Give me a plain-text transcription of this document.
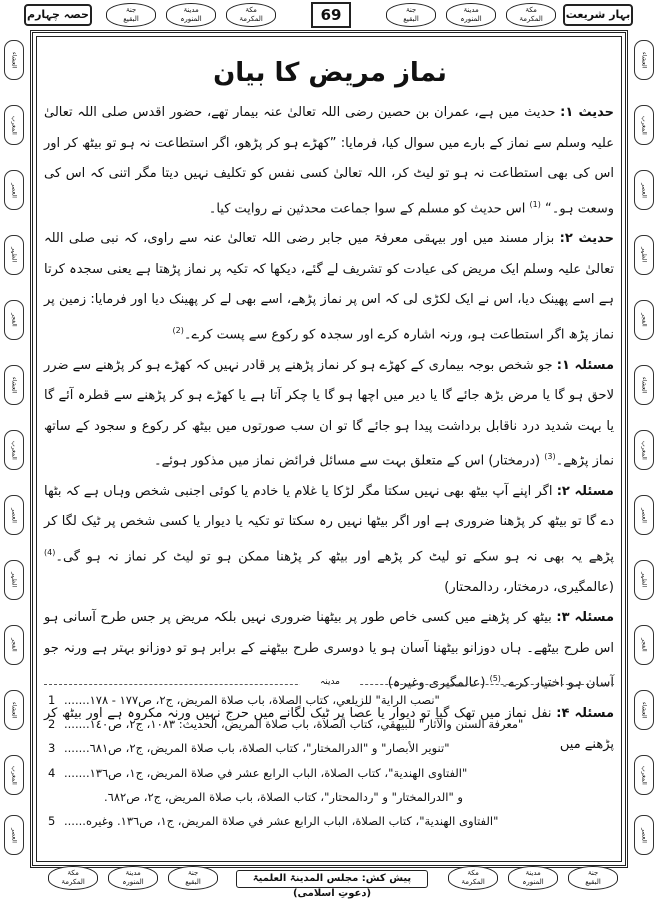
بہار شریعت
حصہ چہارم	69	مکۃ
المکرمۃ
مدینۃ
المنورہ
جنۃ
البقیع
مکۃ
المکرمۃ
مدینۃ
المنورہ
جنۃ
البقیع
العشاء
المغرب
العصر
الظہر
الفجر
العشاء
المغرب
العصر
الظہر
الفجر
العشاء
المغرب
العصر
العشاء
المغرب
العصر
الظہر
الفجر
العشاء
المغرب
العصر
الظہر
الفجر
العشاء
المغرب
العصر
نماز مریض کا بیان

حدیث ۱: حدیث میں ہے، عمران بن حصین رضی اللہ تعالیٰ عنہ بیمار تھے، حضور اقدس صلی اللہ تعالیٰ علیہ وسلم سے نماز کے بارے میں سوال کیا، فرمایا: ”کھڑے ہو کر پڑھو، اگر استطاعت نہ ہو تو بیٹھ کر اور اس کی بھی استطاعت نہ ہو تو لیٹ کر، اللہ تعالیٰ کسی نفس کو تکلیف نہیں دیتا مگر اتنی کہ اس کی وسعت ہو۔“ $^{(1)}$ اس حدیث کو مسلم کے سوا جماعت محدثین نے روایت کیا۔

حدیث ۲: بزار مسند میں اور بیہقی معرفۃ میں جابر رضی اللہ تعالیٰ عنہ سے راوی، کہ نبی صلی اللہ تعالیٰ علیہ وسلم ایک مریض کی عیادت کو تشریف لے گئے، دیکھا کہ تکیہ پر نماز پڑھتا ہے یعنی سجدہ کرتا ہے اسے پھینک دیا، اس نے ایک لکڑی لی کہ اس پر نماز پڑھے، اسے بھی لے کر پھینک دیا اور فرمایا: زمین پر نماز پڑھ اگر استطاعت ہو، ورنہ اشارہ کرے اور سجدہ کو رکوع سے پست کرے۔$^{(2)}$

مسئلہ ۱: جو شخص بوجہ بیماری کے کھڑے ہو کر نماز پڑھنے پر قادر نہیں کہ کھڑے ہو کر پڑھنے سے ضرر لاحق ہو گا یا مرض بڑھ جائے گا یا دیر میں اچھا ہو گا یا چکر آتا ہے یا کھڑے ہو کر پڑھنے سے قطرہ آئے گا یا بہت شدید درد ناقابل برداشت پیدا ہو جائے گا تو ان سب صورتوں میں بیٹھ کر رکوع و سجود کے ساتھ نماز پڑھے۔$^{(3)}$ (درمختار) اس کے متعلق بہت سے مسائل فرائض نماز میں مذکور ہوئے۔

مسئلہ ۲: اگر اپنے آپ بیٹھ بھی نہیں سکتا مگر لڑکا یا غلام یا خادم یا کوئی اجنبی شخص وہاں ہے کہ بٹھا دے گا تو بیٹھ کر پڑھنا ضروری ہے اور اگر بیٹھا نہیں رہ سکتا تو تکیہ یا دیوار یا کسی شخص پر ٹیک لگا کر پڑھے یہ بھی نہ ہو سکے تو لیٹ کر پڑھے اور بیٹھ کر پڑھنا ممکن ہو تو لیٹ کر نماز نہ ہو گی۔$^{(4)}$ (عالمگیری، درمختار، ردالمحتار)

مسئلہ ۳: بیٹھ کر پڑھنے میں کسی خاص طور پر بیٹھنا ضروری نہیں بلکہ مریض پر جس طرح آسانی ہو اس طرح بیٹھے۔ ہاں دوزانو بیٹھنا آسان ہو یا دوسری طرح بیٹھنے کے برابر ہو تو دوزانو بہتر ہے ورنہ جو آسان ہو اختیار کرے۔$^{(5)}$ (عالمگیری وغیرہ)

مسئلہ ۴: نفل نماز میں تھک گیا تو دیوار یا عصا پر ٹیک لگانے میں حرج نہیں ورنہ مکروہ ہے اور بیٹھ کر پڑھنے میں

مدینہ
1 ......"نصب الراية" للزيلعي، كتاب الصلاة، باب صلاة المريض، ج٢، ص١٧٧ - ١٧٨.
2 ......"معرفة السنن والآثار" للبيهقي، كتاب الصلاة، باب صلاة المريض، الحديث: ١٠٨٣، ج٢، ص١٤٠.
3 ......"تنوير الأبصار" و "الدرالمختار"، كتاب الصلاة، باب صلاة المريض، ج٢، ص٦٨١.
4 ......"الفتاوى الهندية"، كتاب الصلاة، الباب الرابع عشر في صلاة المريض، ج١، ص١٣٦.
و "الدرالمختار" و "ردالمحتار"، كتاب الصلاة، باب صلاة المريض، ج٢، ص٦٨٢.
5 ......"الفتاوى الهندية"، كتاب الصلاة، الباب الرابع عشر في صلاة المريض، ج١، ص١٣٦. وغيره
جنۃ
البقیع
مدینۃ
المنورہ
مکۃ
المکرمۃ
پیش کش: مجلس المدینۃ العلمیۃ (دعوتِ اسلامی)
جنۃ
البقیع
مدینۃ
المنورہ
مکۃ
المکرمۃ
